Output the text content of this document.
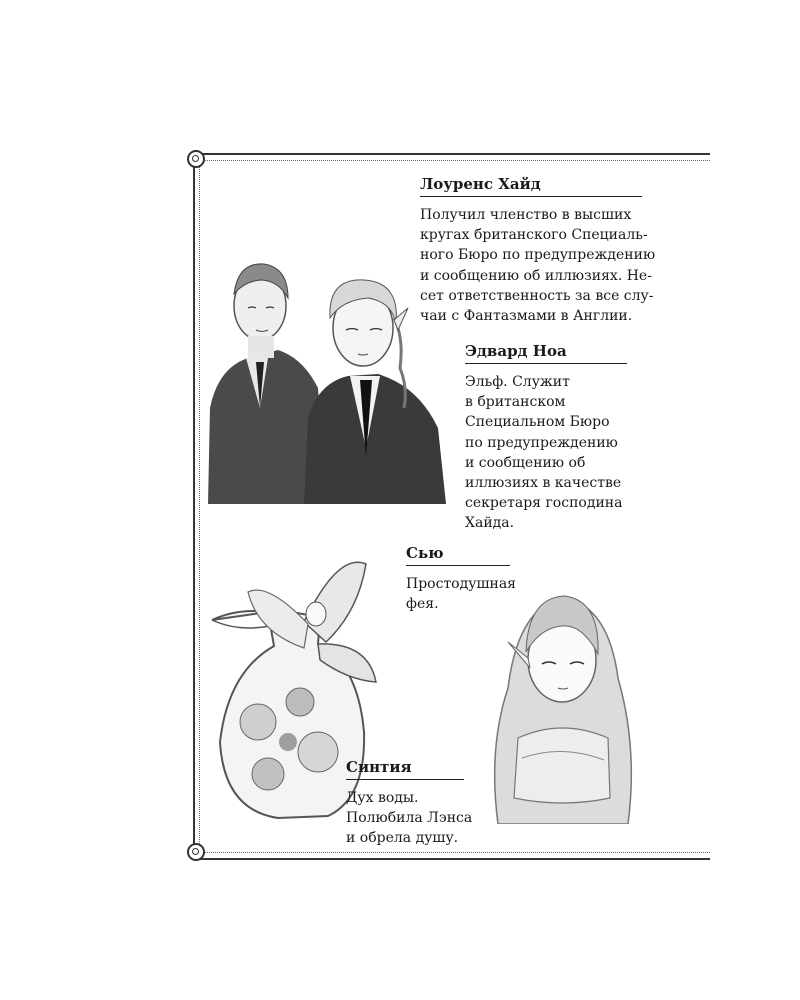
Лоуренс Хайд
Получил членство в высших
кругах британского Специаль-
ного Бюро по предупреждению
и сообщению об иллюзиях. Не-
сет ответственность за все слу-
чаи с Фантазмами в Англии.
Эдвард Ноа
Эльф. Служит
в британском
Специальном Бюро
по предупреждению
и сообщению об
иллюзиях в качестве
секретаря господина
Хайда.
Сью
Простодушная
фея.
Синтия
Дух воды.
Полюбила Лэнса
и обрела душу.
